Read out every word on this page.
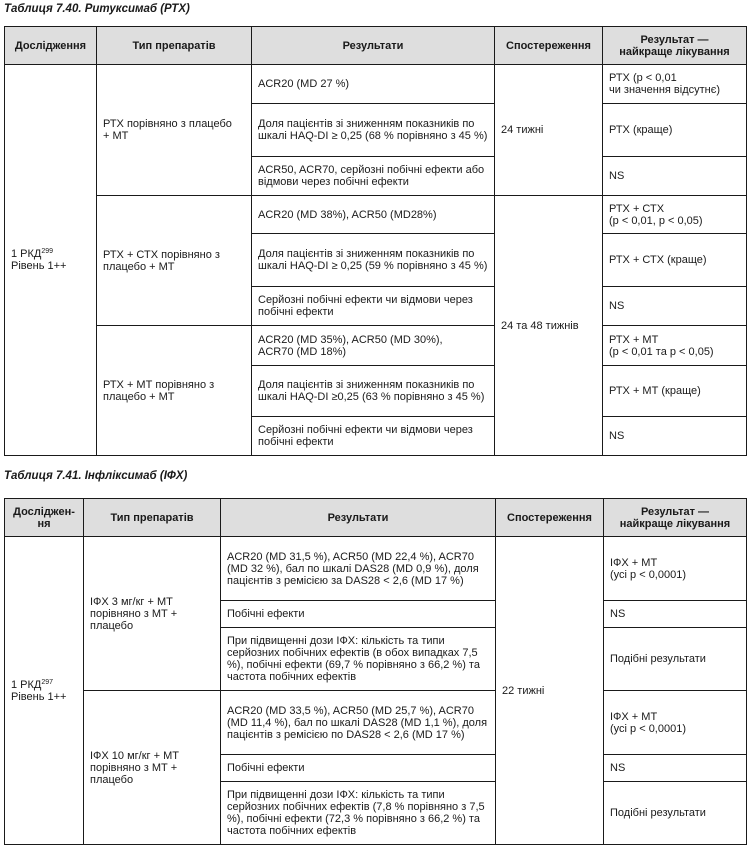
Таблиця 7.40. Ритуксимаб (РТХ)
Дослідження	Тип препаратів	Результати	Спостереження	Результат —
найкраще лікування
1 РКД$^{299}$
Рівень 1++	РТХ порівняно з плацебо
+ МТ	ACR20 (MD 27 %)	24 тижні	РТХ (р < 0,01
чи значення відсутнє)
		Доля пацієнтів зі зниженням показників по шкалі HAQ-DI ≥ 0,25 (68 % порівняно з 45 %)		РТХ (краще)
		ACR50, ACR70, серйозні побічні ефекти або відмови через побічні ефекти		NS
	РТХ + СТХ порівняно з плацебо + МТ	ACR20 (MD 38%), ACR50 (MD28%)	24 та 48 тижнів	РТХ + СТХ
(р < 0,01, р < 0,05)
		Доля пацієнтів зі зниженням показників по шкалі HAQ-DI ≥ 0,25 (59 % порівняно з 45 %)		РТХ + СТХ (краще)
		Серйозні побічні ефекти чи відмови через побічні ефекти		NS
	РТХ + МТ порівняно з плацебо + МТ	ACR20 (MD 35%), ACR50 (MD 30%),
ACR70 (MD 18%)		РТХ + МТ
(р < 0,01 та р < 0,05)
		Доля пацієнтів зі зниженням показників по шкалі HAQ-DI ≥0,25 (63 % порівняно з 45 %)		РТХ + МТ (краще)
		Серйозні побічні ефекти чи відмови через побічні ефекти		NS
Таблиця 7.41. Інфліксимаб (ІФХ)
Досліджен-
ня	Тип препаратів	Результати	Спостереження	Результат —
найкраще лікування
1 РКД$^{297}$
Рівень 1++	ІФХ 3 мг/кг + МТ порівняно з МТ + плацебо	ACR20 (MD 31,5 %), ACR50 (MD 22,4 %), ACR70 (MD 32 %), бал по шкалі DAS28 (MD 0,9 %), доля пацієнтів з ремісією за DAS28 < 2,6 (MD 17 %)	22 тижні	ІФХ + МТ
(усі р < 0,0001)
		Побічні ефекти		NS
		При підвищенні дози ІФХ: кількість та типи серйозних побічних ефектів (в обох випадках 7,5 %), побічні ефекти (69,7 % порівняно з 66,2 %) та частота побічних ефектів		Подібні результати
	ІФХ 10 мг/кг + МТ порівняно з МТ + плацебо	ACR20 (MD 33,5 %), ACR50 (MD 25,7 %), ACR70 (MD 11,4 %), бал по шкалі DAS28 (MD 1,1 %), доля пацієнтів з ремісією по DAS28 < 2,6 (MD 17 %)		ІФХ + МТ
(усі р < 0,0001)
		Побічні ефекти		NS
		При підвищенні дози ІФХ: кількість та типи серйозних побічних ефектів (7,8 % порівняно з 7,5 %), побічні ефекти (72,3 % порівняно з 66,2 %) та частота побічних ефектів		Подібні результати
